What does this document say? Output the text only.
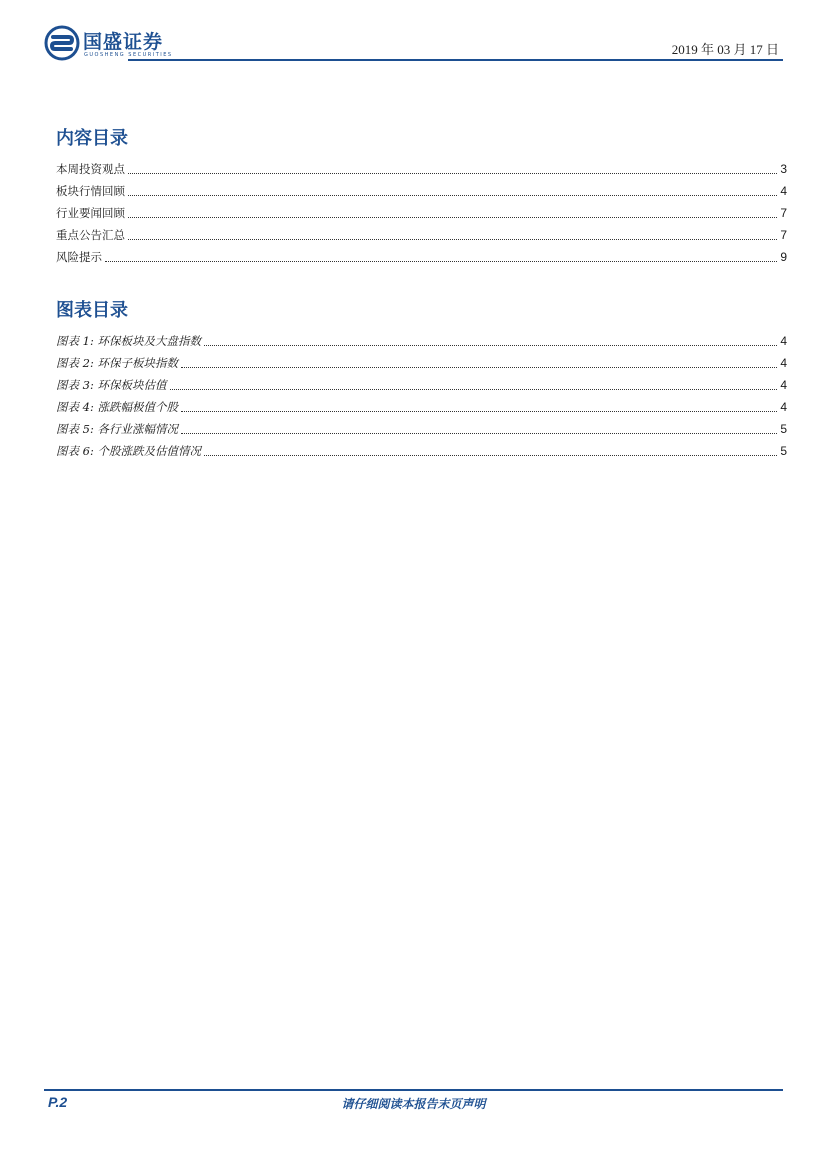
国盛证券
GUOSHENG SECURITIES	2019 年 03 月 17 日
内容目录
本周投资观点	3
板块行情回顾	4
行业要闻回顾	7
重点公告汇总	7
风险提示	9
图表目录
图表 1: 环保板块及大盘指数	4
图表 2: 环保子板块指数	4
图表 3: 环保板块估值	4
图表 4: 涨跌幅极值个股	4
图表 5: 各行业涨幅情况	5
图表 6: 个股涨跌及估值情况	5
P.2	请仔细阅读本报告末页声明
